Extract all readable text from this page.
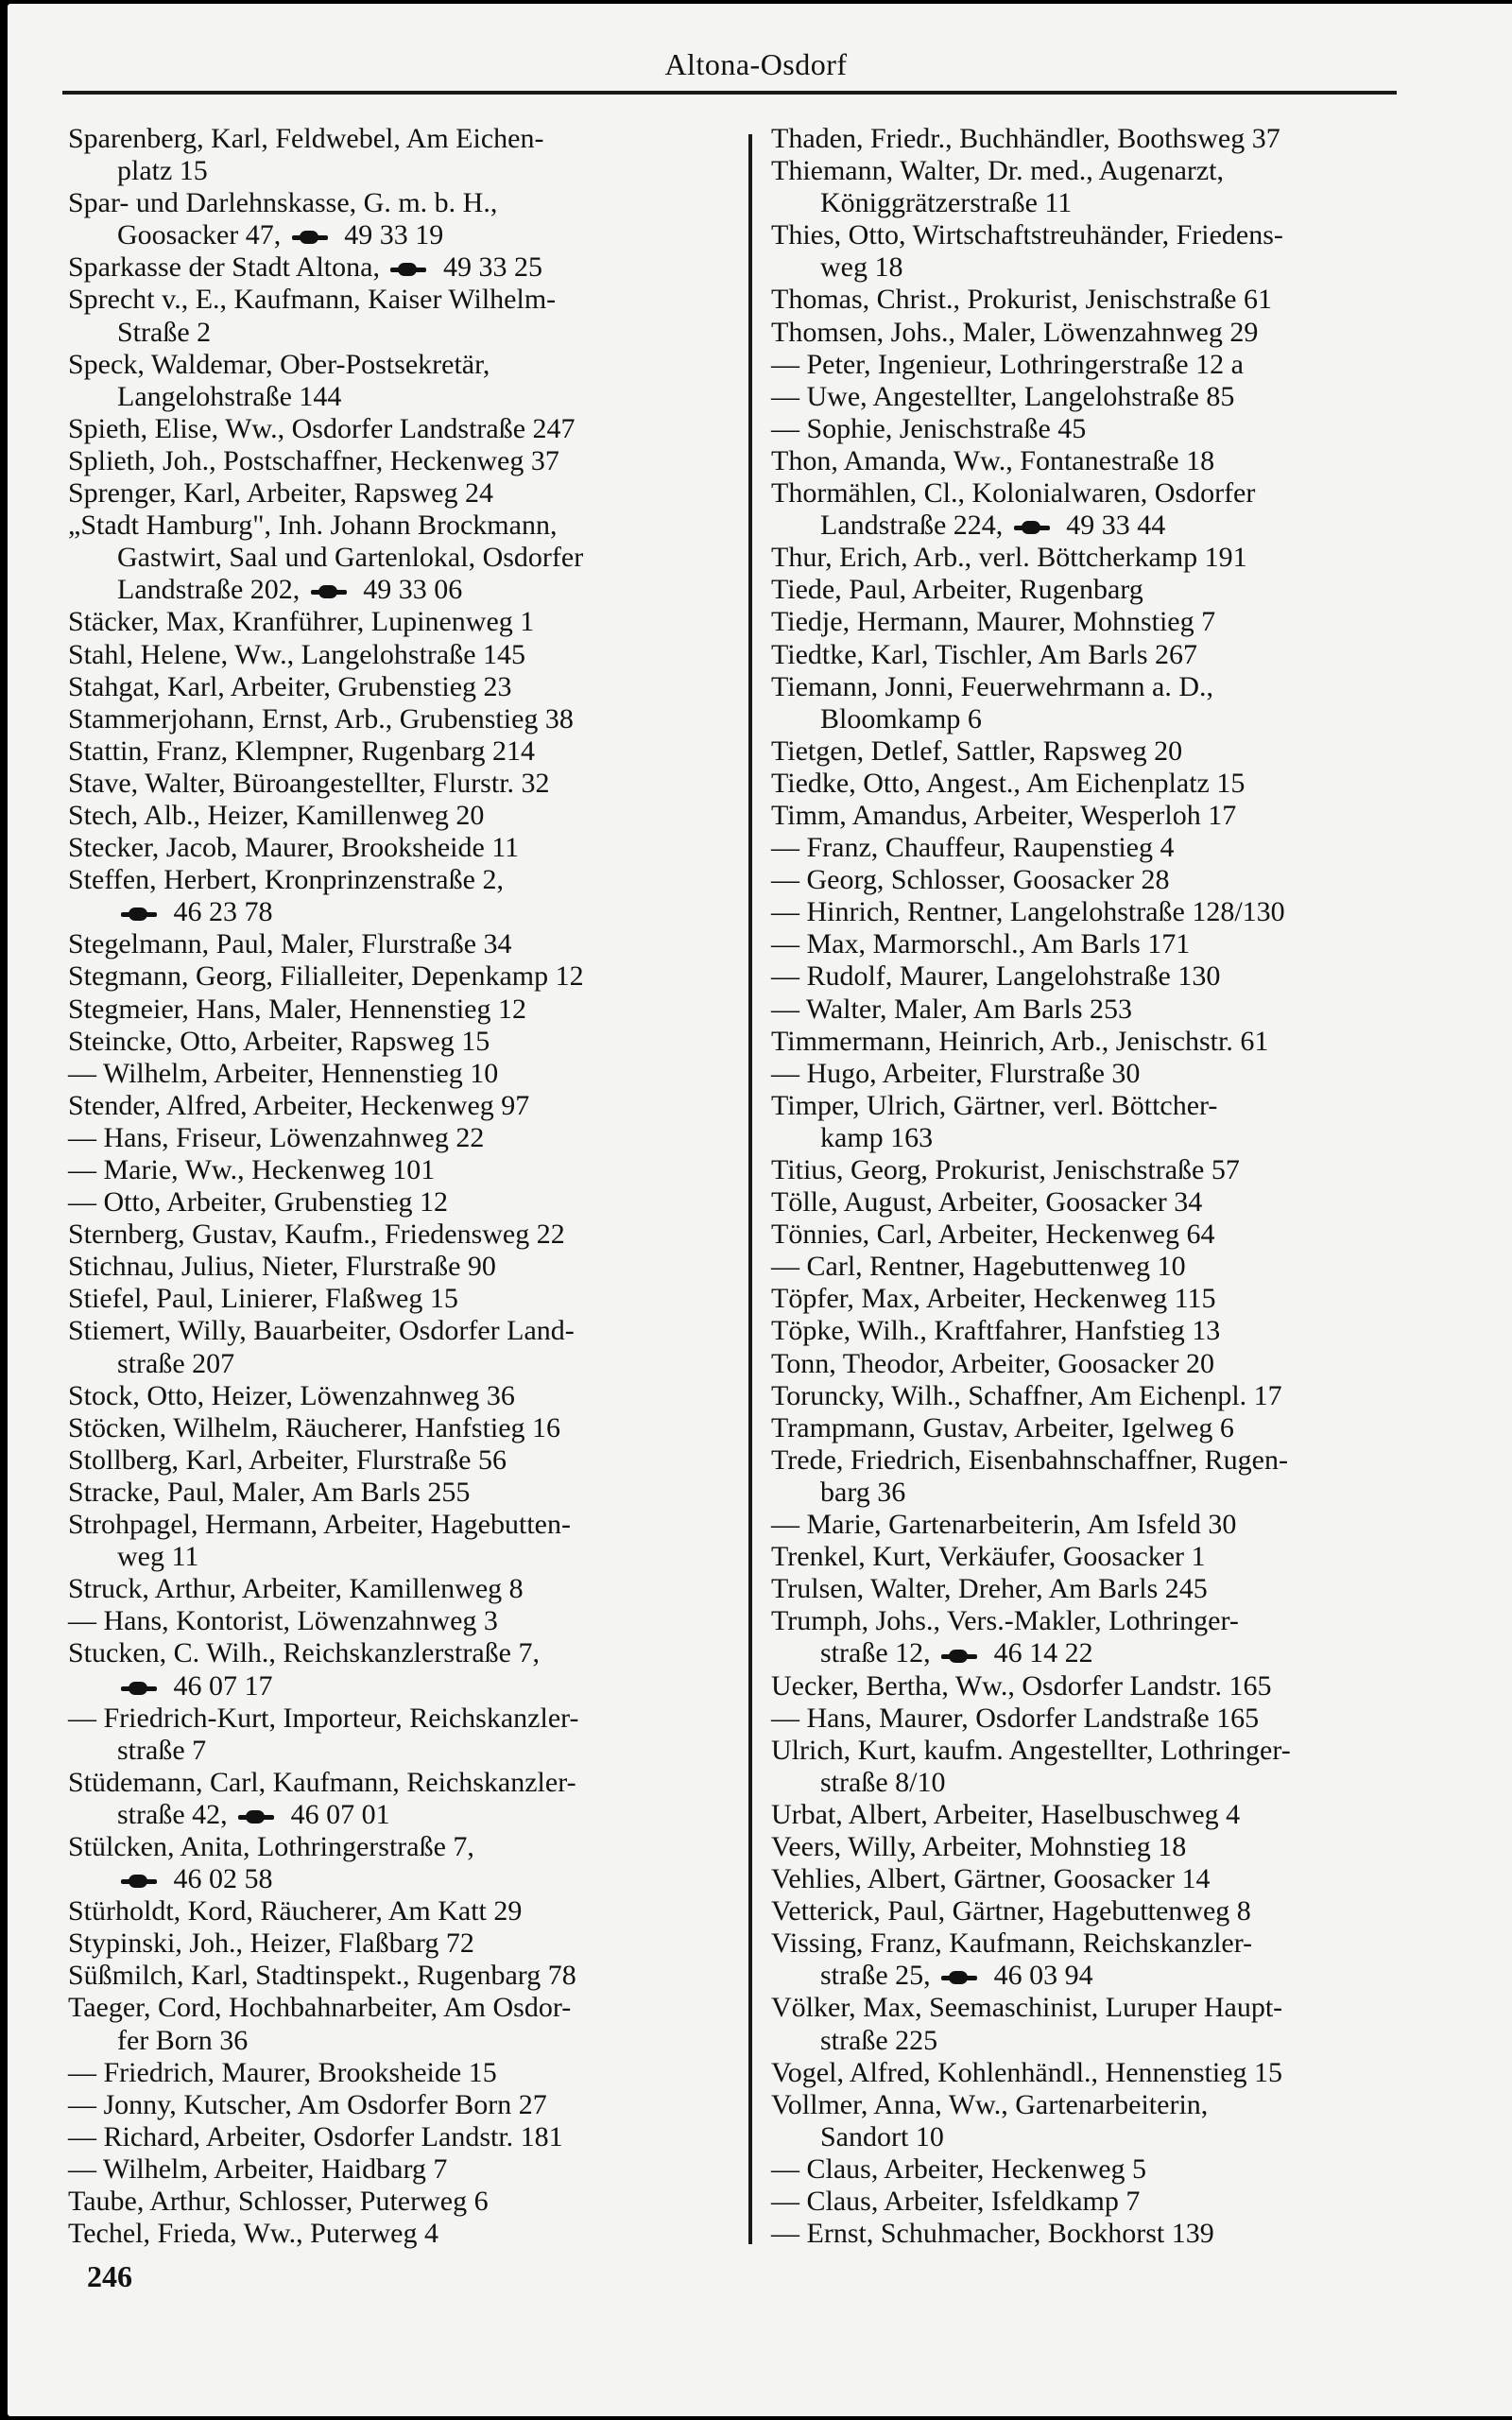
Altona-Osdorf
Sparenberg, Karl, Feldwebel, Am Eichen-
platz 15
Spar- und Darlehnskasse, G. m. b. H.,
Goosacker 47,  49 33 19
Sparkasse der Stadt Altona,  49 33 25
Sprecht v., E., Kaufmann, Kaiser Wilhelm-
Straße 2
Speck, Waldemar, Ober-Postsekretär,
Langelohstraße 144
Spieth, Elise, Ww., Osdorfer Landstraße 247
Splieth, Joh., Postschaffner, Heckenweg 37
Sprenger, Karl, Arbeiter, Rapsweg 24
„Stadt Hamburg", Inh. Johann Brockmann,
Gastwirt, Saal und Gartenlokal, Osdorfer
Landstraße 202,  49 33 06
Stäcker, Max, Kranführer, Lupinenweg 1
Stahl, Helene, Ww., Langelohstraße 145
Stahgat, Karl, Arbeiter, Grubenstieg 23
Stammerjohann, Ernst, Arb., Grubenstieg 38
Stattin, Franz, Klempner, Rugenbarg 214
Stave, Walter, Büroangestellter, Flurstr. 32
Stech, Alb., Heizer, Kamillenweg 20
Stecker, Jacob, Maurer, Brooksheide 11
Steffen, Herbert, Kronprinzenstraße 2,
46 23 78
Stegelmann, Paul, Maler, Flurstraße 34
Stegmann, Georg, Filialleiter, Depenkamp 12
Stegmeier, Hans, Maler, Hennenstieg 12
Steincke, Otto, Arbeiter, Rapsweg 15
— Wilhelm, Arbeiter, Hennenstieg 10
Stender, Alfred, Arbeiter, Heckenweg 97
— Hans, Friseur, Löwenzahnweg 22
— Marie, Ww., Heckenweg 101
— Otto, Arbeiter, Grubenstieg 12
Sternberg, Gustav, Kaufm., Friedensweg 22
Stichnau, Julius, Nieter, Flurstraße 90
Stiefel, Paul, Linierer, Flaßweg 15
Stiemert, Willy, Bauarbeiter, Osdorfer Land-
straße 207
Stock, Otto, Heizer, Löwenzahnweg 36
Stöcken, Wilhelm, Räucherer, Hanfstieg 16
Stollberg, Karl, Arbeiter, Flurstraße 56
Stracke, Paul, Maler, Am Barls 255
Strohpagel, Hermann, Arbeiter, Hagebutten-
weg 11
Struck, Arthur, Arbeiter, Kamillenweg 8
— Hans, Kontorist, Löwenzahnweg 3
Stucken, C. Wilh., Reichskanzlerstraße 7,
46 07 17
— Friedrich-Kurt, Importeur, Reichskanzler-
straße 7
Stüdemann, Carl, Kaufmann, Reichskanzler-
straße 42,  46 07 01
Stülcken, Anita, Lothringerstraße 7,
46 02 58
Stürholdt, Kord, Räucherer, Am Katt 29
Stypinski, Joh., Heizer, Flaßbarg 72
Süßmilch, Karl, Stadtinspekt., Rugenbarg 78
Taeger, Cord, Hochbahnarbeiter, Am Osdor-
fer Born 36
— Friedrich, Maurer, Brooksheide 15
— Jonny, Kutscher, Am Osdorfer Born 27
— Richard, Arbeiter, Osdorfer Landstr. 181
— Wilhelm, Arbeiter, Haidbarg 7
Taube, Arthur, Schlosser, Puterweg 6
Techel, Frieda, Ww., Puterweg 4
Thaden, Friedr., Buchhändler, Boothsweg 37
Thiemann, Walter, Dr. med., Augenarzt,
Königgrätzerstraße 11
Thies, Otto, Wirtschaftstreuhänder, Friedens-
weg 18
Thomas, Christ., Prokurist, Jenischstraße 61
Thomsen, Johs., Maler, Löwenzahnweg 29
— Peter, Ingenieur, Lothringerstraße 12 a
— Uwe, Angestellter, Langelohstraße 85
— Sophie, Jenischstraße 45
Thon, Amanda, Ww., Fontanestraße 18
Thormählen, Cl., Kolonialwaren, Osdorfer
Landstraße 224,  49 33 44
Thur, Erich, Arb., verl. Böttcherkamp 191
Tiede, Paul, Arbeiter, Rugenbarg
Tiedje, Hermann, Maurer, Mohnstieg 7
Tiedtke, Karl, Tischler, Am Barls 267
Tiemann, Jonni, Feuerwehrmann a. D.,
Bloomkamp 6
Tietgen, Detlef, Sattler, Rapsweg 20
Tiedke, Otto, Angest., Am Eichenplatz 15
Timm, Amandus, Arbeiter, Wesperloh 17
— Franz, Chauffeur, Raupenstieg 4
— Georg, Schlosser, Goosacker 28
— Hinrich, Rentner, Langelohstraße 128/130
— Max, Marmorschl., Am Barls 171
— Rudolf, Maurer, Langelohstraße 130
— Walter, Maler, Am Barls 253
Timmermann, Heinrich, Arb., Jenischstr. 61
— Hugo, Arbeiter, Flurstraße 30
Timper, Ulrich, Gärtner, verl. Böttcher-
kamp 163
Titius, Georg, Prokurist, Jenischstraße 57
Tölle, August, Arbeiter, Goosacker 34
Tönnies, Carl, Arbeiter, Heckenweg 64
— Carl, Rentner, Hagebuttenweg 10
Töpfer, Max, Arbeiter, Heckenweg 115
Töpke, Wilh., Kraftfahrer, Hanfstieg 13
Tonn, Theodor, Arbeiter, Goosacker 20
Toruncky, Wilh., Schaffner, Am Eichenpl. 17
Trampmann, Gustav, Arbeiter, Igelweg 6
Trede, Friedrich, Eisenbahnschaffner, Rugen-
barg 36
— Marie, Gartenarbeiterin, Am Isfeld 30
Trenkel, Kurt, Verkäufer, Goosacker 1
Trulsen, Walter, Dreher, Am Barls 245
Trumph, Johs., Vers.-Makler, Lothringer-
straße 12,  46 14 22
Uecker, Bertha, Ww., Osdorfer Landstr. 165
— Hans, Maurer, Osdorfer Landstraße 165
Ulrich, Kurt, kaufm. Angestellter, Lothringer-
straße 8/10
Urbat, Albert, Arbeiter, Haselbuschweg 4
Veers, Willy, Arbeiter, Mohnstieg 18
Vehlies, Albert, Gärtner, Goosacker 14
Vetterick, Paul, Gärtner, Hagebuttenweg 8
Vissing, Franz, Kaufmann, Reichskanzler-
straße 25,  46 03 94
Völker, Max, Seemaschinist, Luruper Haupt-
straße 225
Vogel, Alfred, Kohlenhändl., Hennenstieg 15
Vollmer, Anna, Ww., Gartenarbeiterin,
Sandort 10
— Claus, Arbeiter, Heckenweg 5
— Claus, Arbeiter, Isfeldkamp 7
— Ernst, Schuhmacher, Bockhorst 139
246
